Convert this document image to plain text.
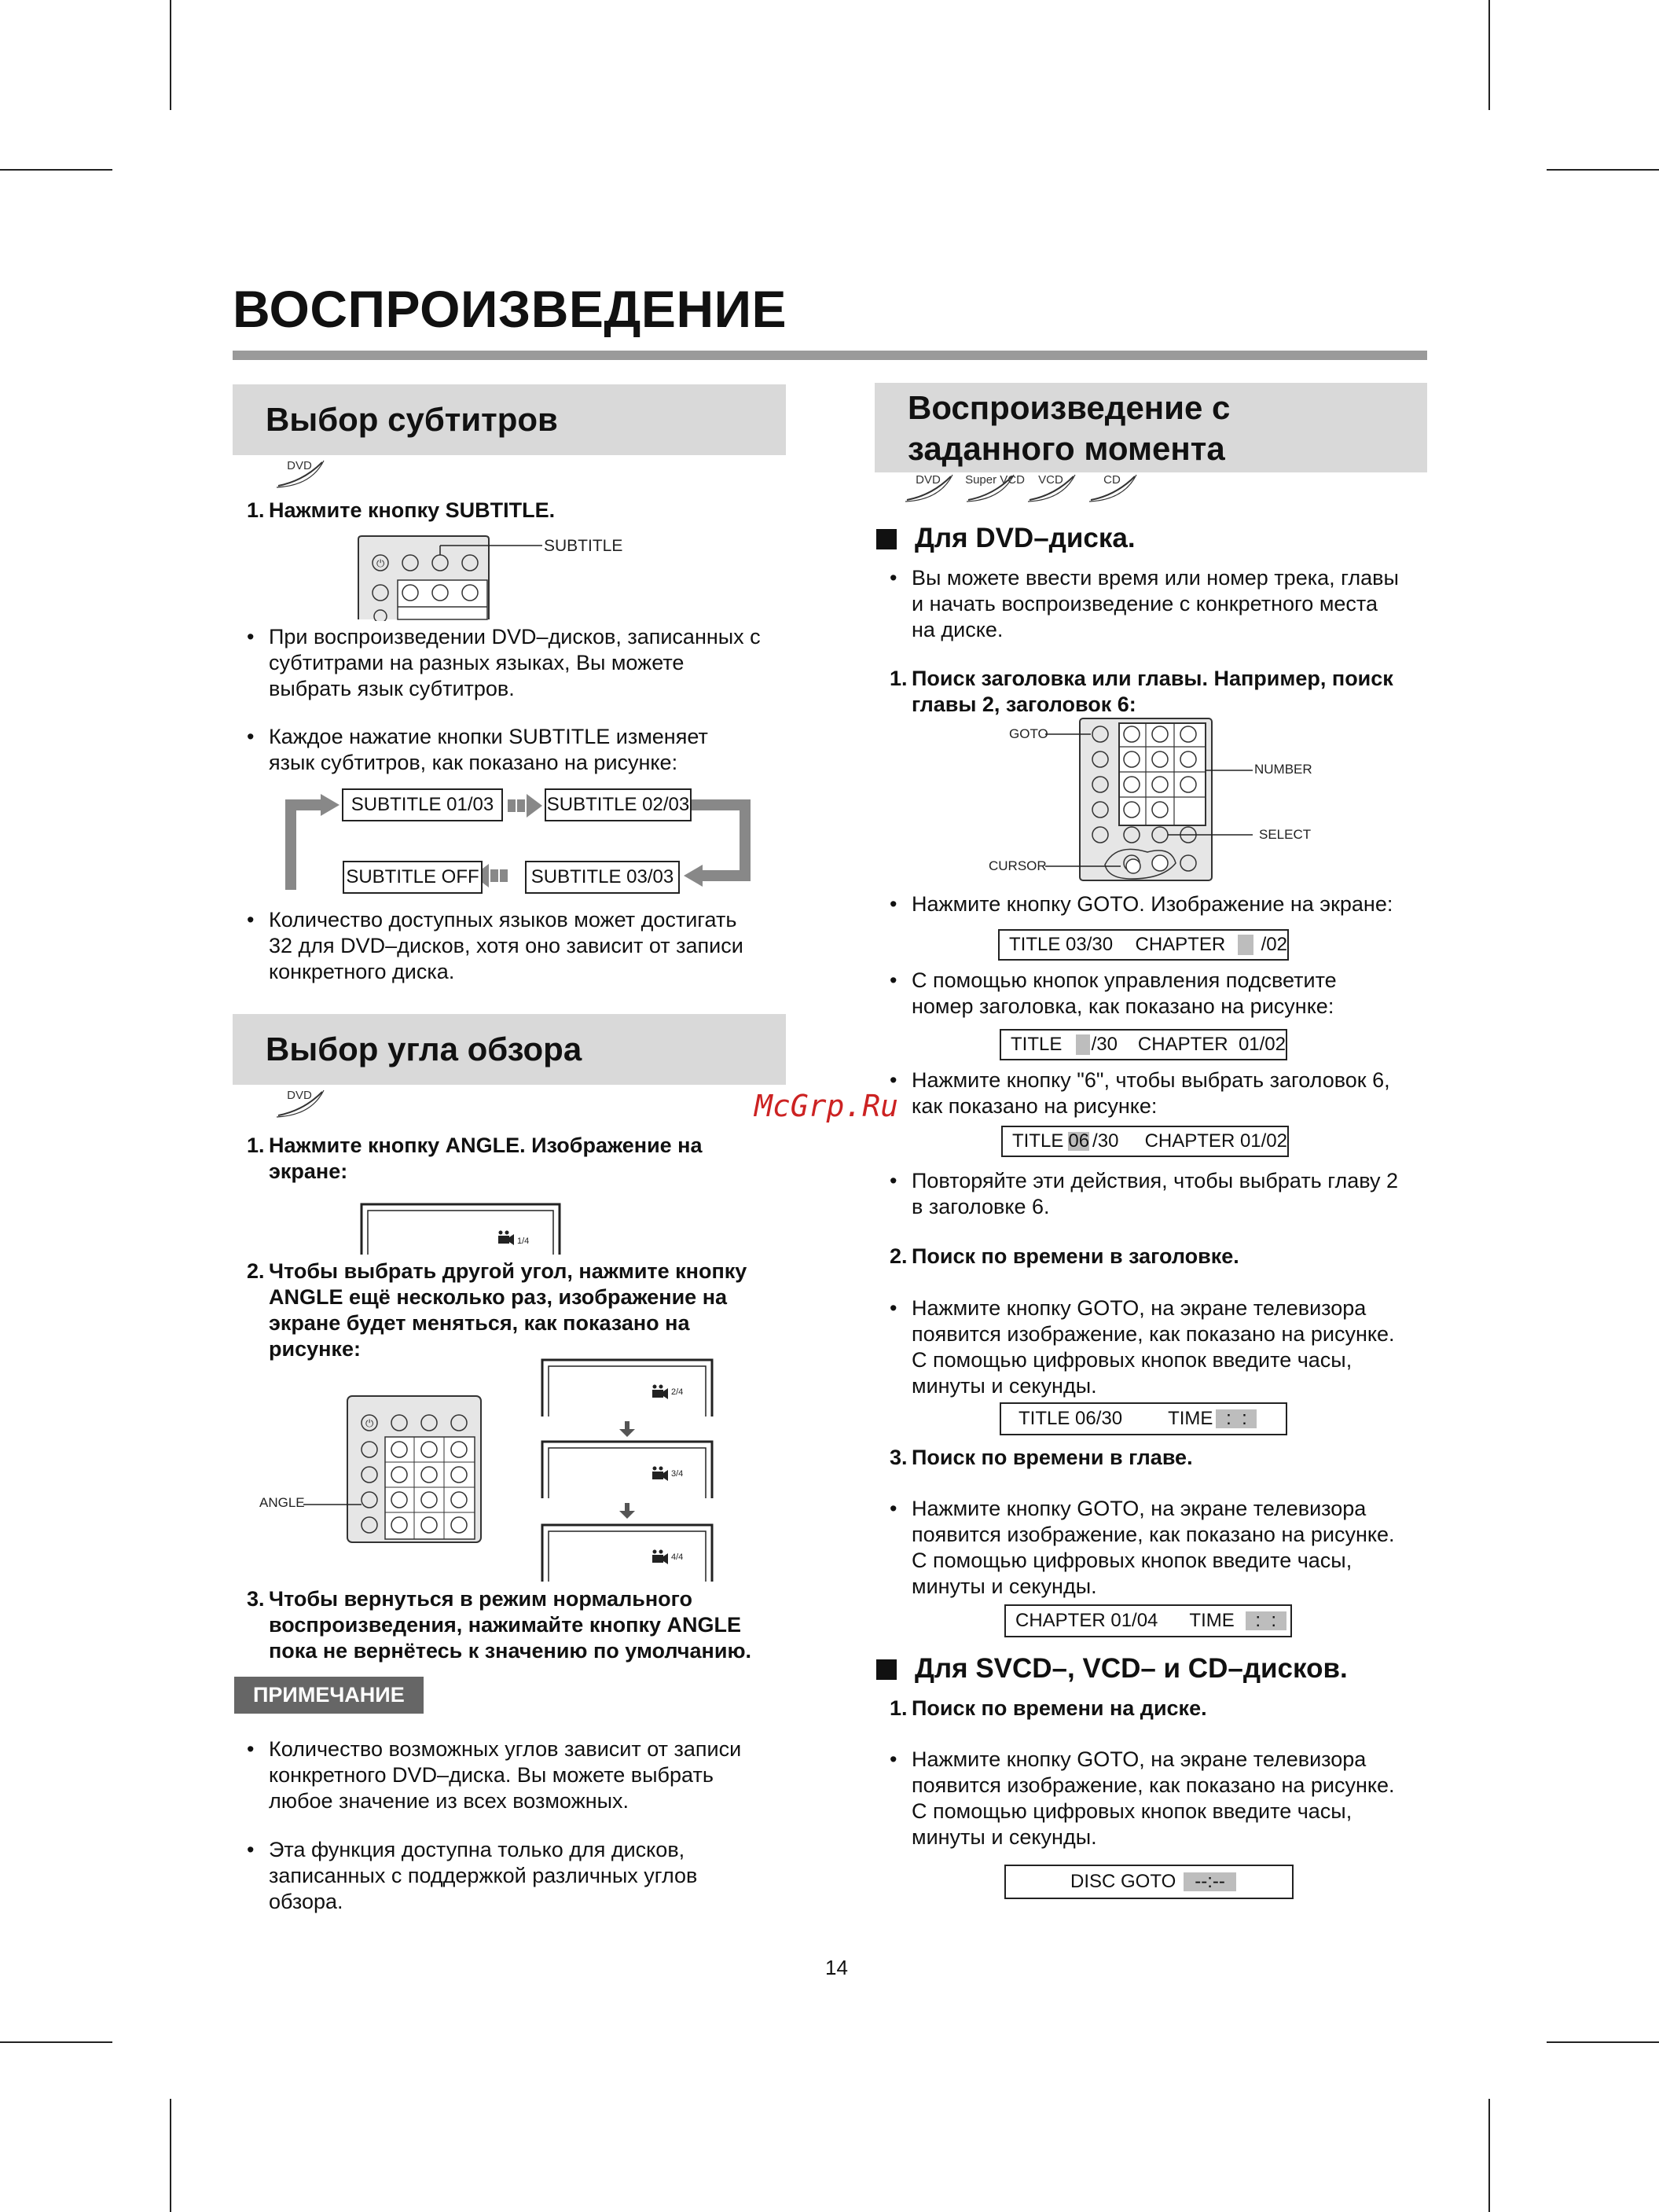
ВОСПРОИЗВЕДЕНИЕ
Выбор субтитров
DVD
1. Нажмите кнопку SUBTITLE.
⏻
SUBTITLE
• При воспроизведении DVD–дисков, записанных с
субтитрами на разных языках, Вы можете
выбрать язык субтитров.
• Каждое нажатие кнопки SUBTITLE изменяет
язык субтитров, как показано на рисунке:
SUBTITLE 01/03	SUBTITLE 02/03
SUBTITLE 03/03
SUBTITLE OFF
• Количество доступных языков может достигать
32 для DVD–дисков, хотя оно зависит от записи
конкретного диска.
Выбор угла обзора
DVD
1. Нажмите кнопку ANGLE. Изображение на
экране:
1/4
2. Чтобы выбрать другой угол, нажмите кнопку
ANGLE ещё несколько раз, изображение на
экране будет меняться, как показано на
рисунке:
⏻
ANGLE
2/4
3/4
4/4
3. Чтобы вернуться в режим нормального
воспроизведения, нажимайте кнопку ANGLE
пока не вернётесь к значению по умолчанию.
ПРИМЕЧАНИЕ
• Количество возможных углов зависит от записи
конкретного DVD–диска. Вы можете выбрать
любое значение из всех возможных.
• Эта функция доступна только для дисков,
записанных с поддержкой различных углов
обзора.
Воспроизведение с
заданного момента
DVD	Super VCD	VCD	CD
Для DVD–диска.
• Вы можете ввести время или номер трека, главы
и начать воспроизведение с конкретного места
на диске.
1. Поиск заголовка или главы. Например, поиск
главы 2, заголовок 6:
GOTO
NUMBER
SELECT
CURSOR
• Нажмите кнопку GOTO. Изображение на экране:
TITLE 03/30 CHAPTER /02
• С помощью кнопок управления подсветите
номер заголовка, как показано на рисунке:
TITLE /30 CHAPTER  01/02
• Нажмите кнопку "6", чтобы выбрать заголовок 6,
как показано на рисунке:
TITLE 06 /30 CHAPTER 01/02
• Повторяйте эти действия, чтобы выбрать главу 2
в заголовке 6.
2. Поиск по времени в заголовке.
• Нажмите кнопку GOTO, на экране телевизора
появится изображение, как показано на рисунке.
С помощью цифровых кнопок введите часы,
минуты и секунды.
TITLE 06/30 TIME :  :
3. Поиск по времени в главе.
• Нажмите кнопку GOTO, на экране телевизора
появится изображение, как показано на рисунке.
С помощью цифровых кнопок введите часы,
минуты и секунды.
CHAPTER 01/04 TIME :  :
Для SVCD–, VCD– и CD–дисков.
1. Поиск по времени на диске.
• Нажмите кнопку GOTO, на экране телевизора
появится изображение, как показано на рисунке.
С помощью цифровых кнопок введите часы,
минуты и секунды.
DISC GOTO	--:--
McGrp.Ru
14
